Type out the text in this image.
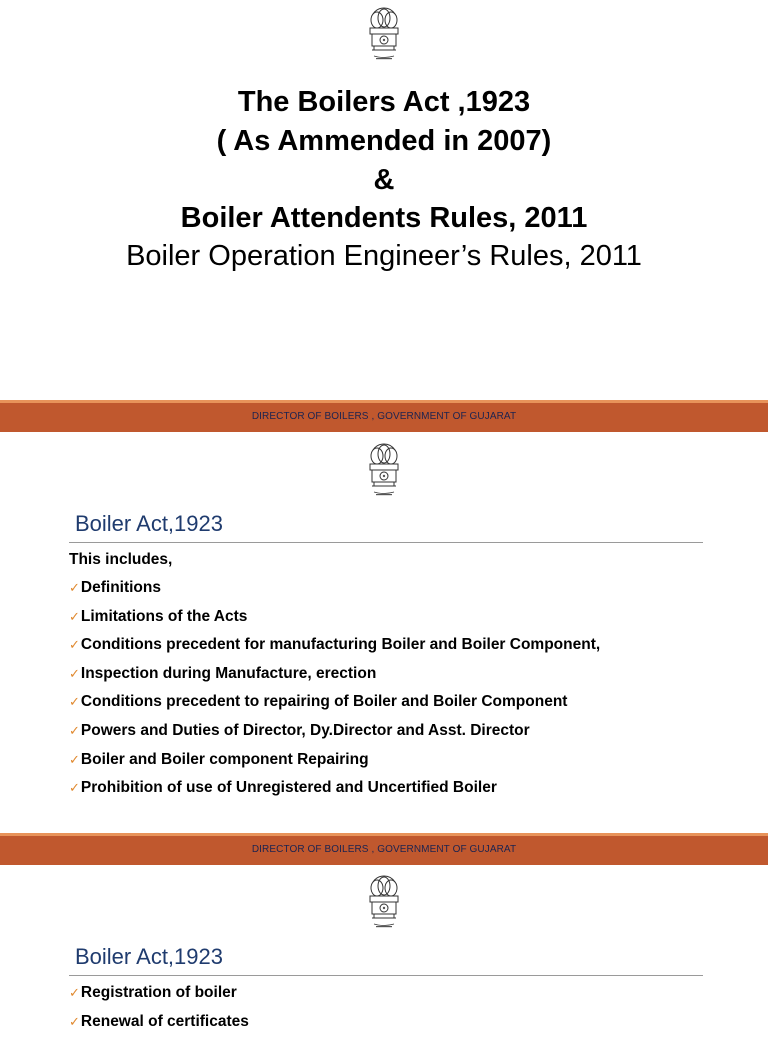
The Boilers Act ,1923
( As Ammended in 2007)
&
Boiler Attendents Rules, 2011
Boiler Operation Engineer’s Rules, 2011
DIRECTOR OF BOILERS , GOVERNMENT OF GUJARAT
Boiler Act,1923

This includes,

✓Definitions
✓Limitations of the Acts
✓Conditions precedent for manufacturing Boiler and Boiler Component,
✓Inspection during Manufacture, erection
✓Conditions precedent to repairing of Boiler and Boiler Component
✓Powers and Duties of Director, Dy.Director and Asst. Director
✓Boiler and Boiler component Repairing
✓Prohibition of use of Unregistered and Uncertified Boiler
DIRECTOR OF BOILERS , GOVERNMENT OF GUJARAT
Boiler Act,1923
✓Registration of boiler
✓Renewal of certificates
